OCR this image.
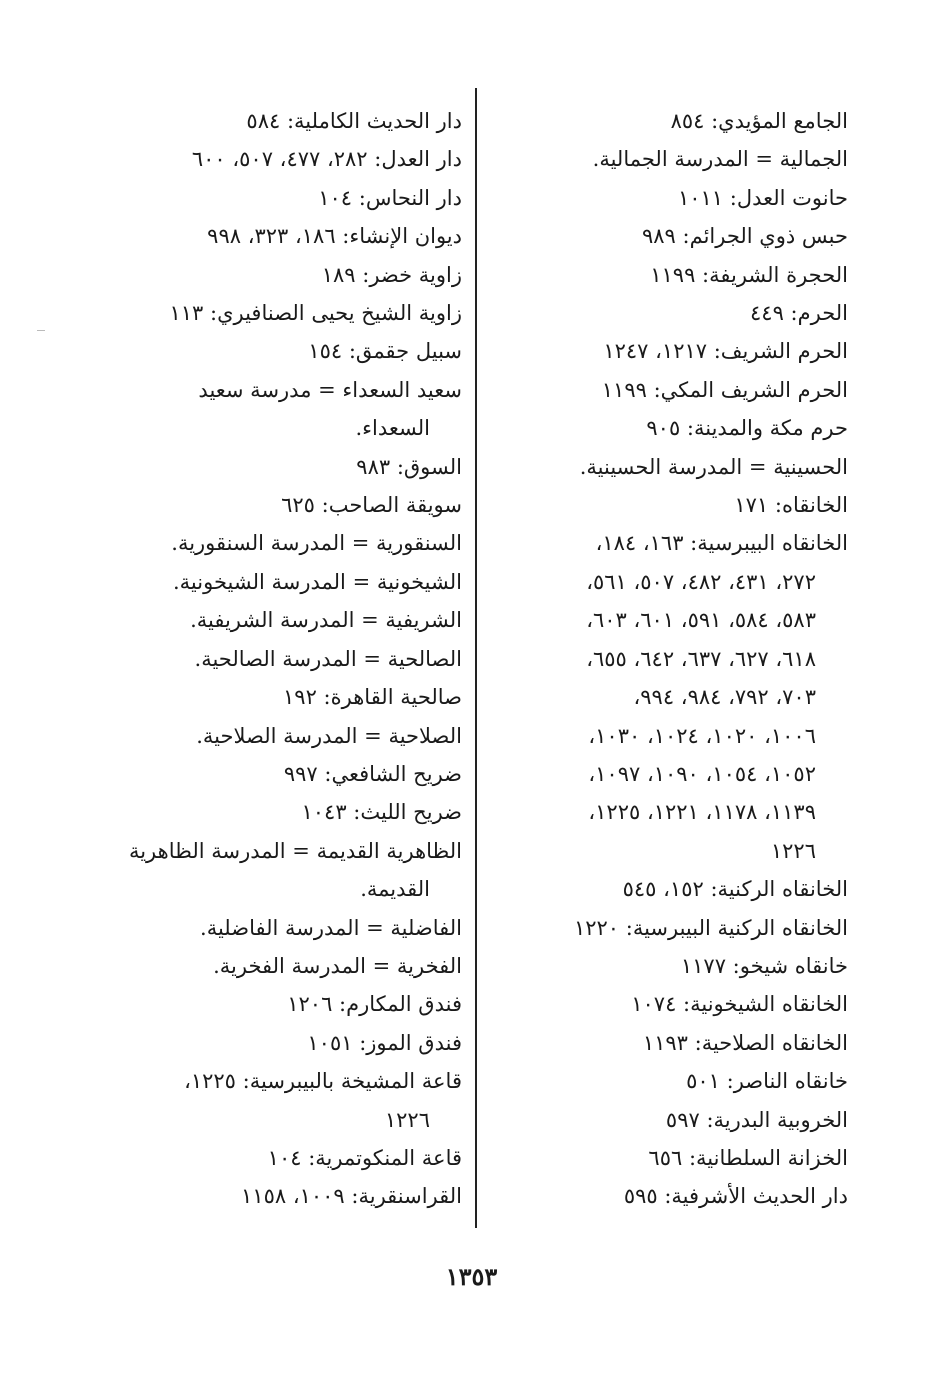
الجامع المؤيدي: ٨٥٤
الجمالية = المدرسة الجمالية.
حانوت العدل: ١٠١١
حبس ذوي الجرائم: ٩٨٩
الحجرة الشريفة: ١١٩٩
الحرم: ٤٤٩
الحرم الشريف: ١٢١٧، ١٢٤٧
الحرم الشريف المكي: ١١٩٩
حرم مكة والمدينة: ٩٠٥
الحسينية = المدرسة الحسينية.
الخانقاه: ١٧١
الخانقاه البيبرسية: ١٦٣، ١٨٤،
٢٧٢، ٤٣١، ٤٨٢، ٥٠٧، ٥٦١،
٥٨٣، ٥٨٤، ٥٩١، ٦٠١، ٦٠٣،
٦١٨، ٦٢٧، ٦٣٧، ٦٤٢، ٦٥٥،
٧٠٣، ٧٩٢، ٩٨٤، ٩٩٤،
١٠٠٦، ١٠٢٠، ١٠٢٤، ١٠٣٠،
١٠٥٢، ١٠٥٤، ١٠٩٠، ١٠٩٧،
١١٣٩، ١١٧٨، ١٢٢١، ١٢٢٥،
١٢٢٦
الخانقاه الركنية: ١٥٢، ٥٤٥
الخانقاه الركنية البيبرسية: ١٢٢٠
خانقاه شيخو: ١١٧٧
الخانقاه الشيخونية: ١٠٧٤
الخانقاه الصلاحية: ١١٩٣
خانقاه الناصر: ٥٠١
الخروبية البدرية: ٥٩٧
الخزانة السلطانية: ٦٥٦
دار الحديث الأشرفية: ٥٩٥
دار الحديث الكاملية: ٥٨٤
دار العدل: ٢٨٢، ٤٧٧، ٥٠٧، ٦٠٠
دار النحاس: ١٠٤
ديوان الإنشاء: ١٨٦، ٣٢٣، ٩٩٨
زاوية خضر: ١٨٩
زاوية الشيخ يحيى الصنافيري: ١١٣
سبيل جقمق: ١٥٤
سعيد السعداء = مدرسة سعيد
السعداء.
السوق: ٩٨٣
سويقة الصاحب: ٦٢٥
السنقورية = المدرسة السنقورية.
الشيخونية = المدرسة الشيخونية.
الشريفية = المدرسة الشريفية.
الصالحية = المدرسة الصالحية.
صالحية القاهرة: ١٩٢
الصلاحية = المدرسة الصلاحية.
ضريح الشافعي: ٩٩٧
ضريح الليث: ١٠٤٣
الظاهرية القديمة = المدرسة الظاهرية
القديمة.
الفاضلية = المدرسة الفاضلية.
الفخرية = المدرسة الفخرية.
فندق المكارم: ١٢٠٦
فندق الموز: ١٠٥١
قاعة المشيخة بالبيبرسية: ١٢٢٥،
١٢٢٦
قاعة المنكوتمرية: ١٠٤
القراسنقرية: ١٠٠٩، ١١٥٨
١٣٥٣
